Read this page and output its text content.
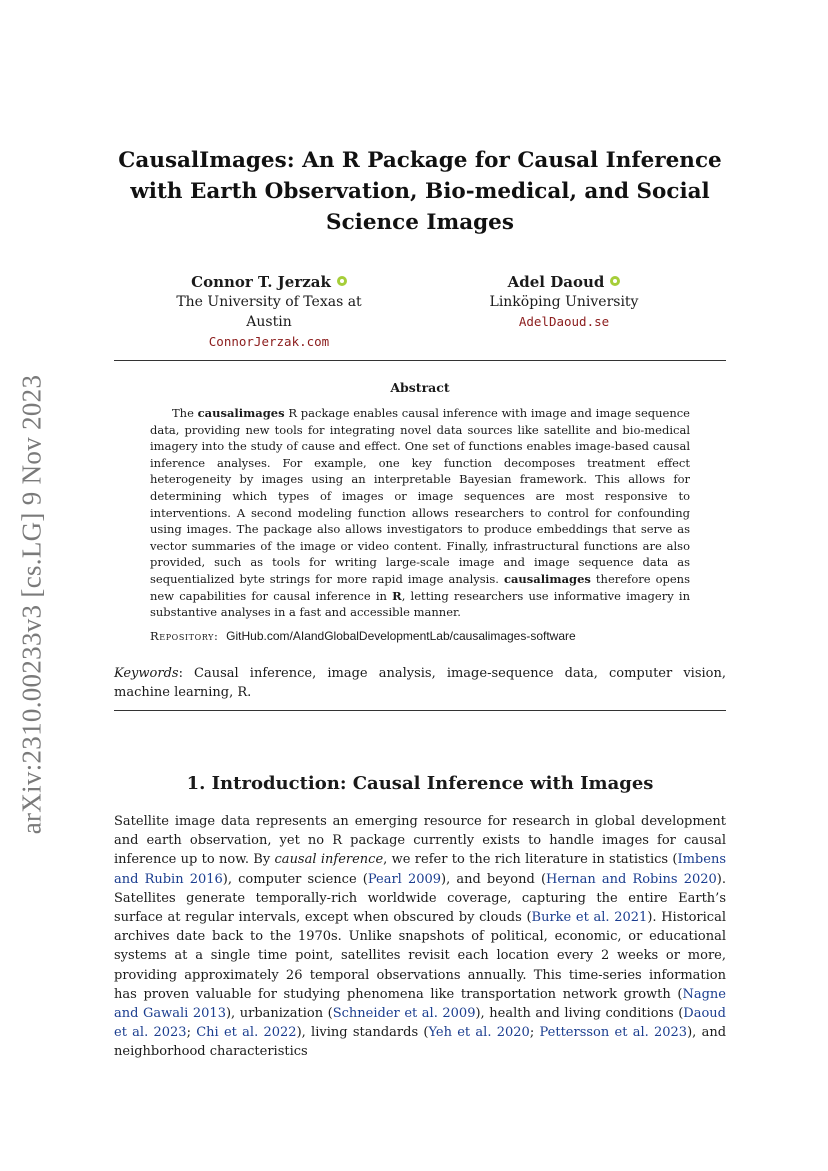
arXiv:2310.00233v3 [cs.LG] 9 Nov 2023
CausalImages: An R Package for Causal Inference with Earth Observation, Bio-medical, and Social Science Images
Connor T. Jerzak
The University of Texas at Austin
ConnorJerzak.com
Adel Daoud
Linköping University
AdelDaoud.se
Abstract
The causalimages R package enables causal inference with image and image sequence data, providing new tools for integrating novel data sources like satellite and bio-medical imagery into the study of cause and effect. One set of functions enables image-based causal inference analyses. For example, one key function decomposes treatment effect heterogeneity by images using an interpretable Bayesian framework. This allows for determining which types of images or image sequences are most responsive to interventions. A second modeling function allows researchers to control for confounding using images. The package also allows investigators to produce embeddings that serve as vector summaries of the image or video content. Finally, infrastructural functions are also provided, such as tools for writing large-scale image and image sequence data as sequentialized byte strings for more rapid image analysis. causalimages therefore opens new capabilities for causal inference in R, letting researchers use informative imagery in substantive analyses in a fast and accessible manner.
Repository: GitHub.com/AIandGlobalDevelopmentLab/causalimages-software
Keywords: Causal inference, image analysis, image-sequence data, computer vision, machine learning, R.
1. Introduction: Causal Inference with Images
Satellite image data represents an emerging resource for research in global development and earth observation, yet no R package currently exists to handle images for causal inference up to now. By causal inference, we refer to the rich literature in statistics (Imbens and Rubin 2016), computer science (Pearl 2009), and beyond (Hernan and Robins 2020). Satellites generate temporally-rich worldwide coverage, capturing the entire Earth’s surface at regular intervals, except when obscured by clouds (Burke et al. 2021). Historical archives date back to the 1970s. Unlike snapshots of political, economic, or educational systems at a single time point, satellites revisit each location every 2 weeks or more, providing approximately 26 temporal observations annually. This time-series information has proven valuable for studying phenomena like transportation network growth (Nagne and Gawali 2013), urbanization (Schneider et al. 2009), health and living conditions (Daoud et al. 2023; Chi et al. 2022), living standards (Yeh et al. 2020; Pettersson et al. 2023), and neighborhood characteristics
